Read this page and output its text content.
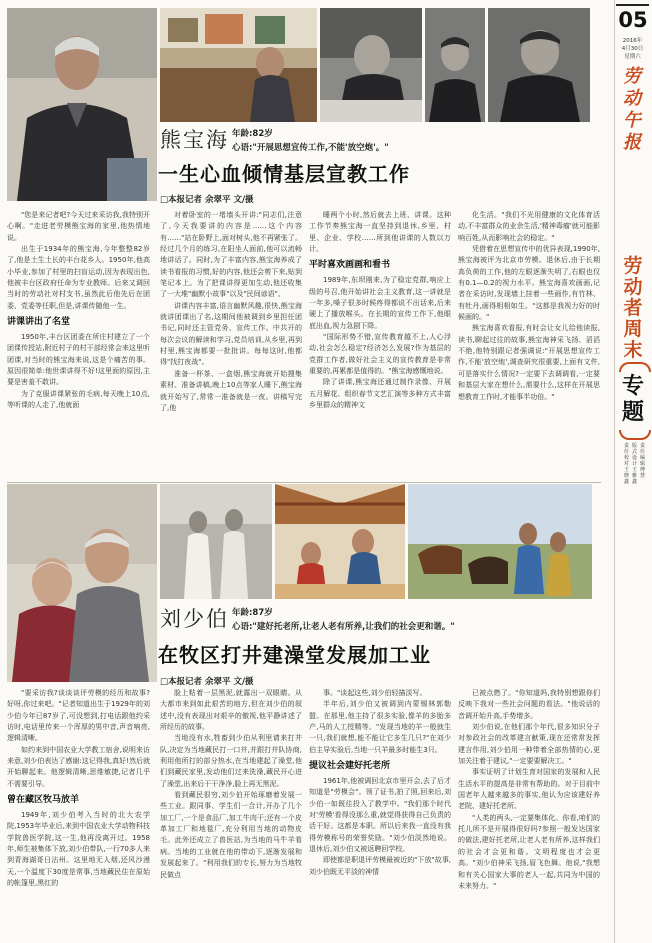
熊宝海 年龄:82岁
心语:"开展思想宣传工作,不能'放空炮'。"
一生心血倾情基层宣教工作
□本报记者 余翠平 文/摄

"您是来记者吧?今天过来采访我,我特别开心啊。"走进老劳模熊宝海的家里,他热情地说。

出生于1934年的熊宝海,今年整整82岁了,他是土生土长的丰台花乡人。1950年,他高小毕业,参加了村里的扫盲运动,因为表现出色,他被丰台区政府任命为专业教师。后来又调回当时的劳动社对村支书,虽然此后他先后在团委、党委等任职,但是,讲课传随他一生。

讲课讲出了名堂

1950年,丰台区团委在所庄村建立了一个团课传授站,附近村子的村干部经常会来这里听团课,对当时的熊宝海来说,这是个痛苦的事。原因很简单:他世课讲得不好!这里面的原因,主要是害羞不敢讲。

为了克服讲课紧张的毛病,每天晚上10点,等听课的人走了,他就面

对着卧室的一堵墙头开讲:"同志们,注意了,今天我要讲的内容是……这个内容有……"站在卧野上,面对树头,他不再紧张了。经过几个月的练习,在阳坐人面前,他可以流畅地讲话了。同时,为了丰富内容,熊宝海养成了读书看报的习惯,好的内容,他还会剪下来,贴到笔记本上。为了把课讲得更加生动,他还收集了一大堆"幽默小故事"以及"民间谚语"。

讲课内容丰富,语言幽默风趣,很快,熊宝海就讲团课出了名,这期间他被调到乡里担任团书记,同时还主管党务、宣传工作。中共开的每次会议的解读和学习,党员培训,从乡里,再到村里,熊宝海都要一批批讲。每每这时,他都得"找打夜战"。

准备一杯茶、一盒烟,熊宝海就开始搜集素材、准备讲稿,晚上10点等家人睡下,熊宝海就开始写了,常常一准备就是一夜。讲稿写完了,他

睡两个小时,然后就去上班、讲课。这种工作节奏熊宝海一直坚持到退休,乡里、村里、企业、学校……所到他讲课的人数以万计。

平时喜欢画画和看书

1989年,东坝刚来,为了稳定党群,响应上级的号召,他开始讲社会主义教育,这一讲就是一年多,嗓子很多时候疼得都说不出话来,后来硬上了播放喉头。在长期的宣传工作下,他眼底出血,视力急剧下降。

"国际形势不错,宣传教育越不上,人心浮动,社会怎么稳定?经济怎么发展?作为基层的党群工作者,做好社会主义的宣传教育是非常重要的,再累都是值得的。"熊宝海感慨地说。

除了讲课,熊宝海还通过制作录像、开展五月解花、组织春节文艺汇演等多种方式丰富乡里群众的精神文

化生活。"我们不光用健康的文化体育活动,不丰富群众的业余生活,'精神毒瘤'就可能影响百姓,从而影响社会的稳定。"

凭借着在思想宣传中的优异表现,1990年,熊宝海被评为北京市劳模。退休后,由于长期高负荷的工作,他的左眼逐渐失明了,右眼也仅有0.1—0.2的视力水平。熊宝海喜欢画画,记者在采访时,发现墙上挂着一些画作,有竹林、有牡丹,画得相相如生。"这都是我视力好的时候画的。"

熊宝海喜欢看报,有时会让女儿给他读报,读书,聊起过往的故事,熊宝海神采飞扬、滔滔不绝,他特别跟记者强调说:"开展思想宣传工作,不能'放空炮',调查研究很重要,上面有文件,可是落实什么情况?一定要下去调调看,一定要和基层大家在想什么,需要什么,这样在开展思想教育工作时,才能事半功倍。"

刘少伯 年龄:87岁
心语:"建好托老所,让老人老有所养,让我们的社会更和谐。"
在牧区打井建澡堂发展加工业
□本报记者 余翠平 文/摄

"要采访我?谈谈谈评劳模的经历和故事?好呀,你过来吧。"记者知道出生于1929年的刘少伯今年已87岁了,可没想到,打电话跟他约采访时,电话里传来一个浑厚的男中音,声音响亮,逻辑清晰。

如约来到中国农业大学教工宿舍,说明来访来意,刘少伯表达了感谢:这记得我,真好!然后就开始聊起来。他逻辑清晰,思维敏捷,记者几乎不需要引导。

曾在藏区牧马放羊

1949年,刘少伯考入当时的北大农学院,1953年毕业后,来到中国农业大学动物科技学院兽医学院,这一生,他再没离开过。1958年,师生被集体下放,刘少伯带队,一行70多人来到青海湖哥日沾州。这里地无人烟,还风沙漫天,一个温度下30度是常事,当地藏民住在原始的帐篷里,黑红的

脸上粘着一层黑泥,就露出一双眼睛。从大都市来到如此艰苦的地方,但在刘少伯的叙述中,没有表现出对艰辛的傲视,他平静讲述了所经历的故事。

当地没有水,牲畜到少伯从利里请来打井队,决定为当地藏民打一口井,并跟打井队协商,利用他所打的部分热水,在当地建起了澡堂,他们到藏民家里,发动他们过来洗澡,藏民开心进了澡堂,出来后干干净净,脸上再无黑泥。

看到藏民很穷,刘少伯开始琢磨着发展一些工业。跟同事、学生们一合计,开办了几个加工厂,一个是食品厂,加工牛肉干;还有一个皮革加工厂和地毯厂,充分利用当地的动物皮毛。此外还成立了兽医站,为当地的马牛羊看病。当地的工业就在他的带动下,逐渐发展和发展起来了。"利用我们的专长,努力为当地牧民做点

事。"谈起这些,刘少伯轻描淡写。

半年后,刘少伯又被调到内蒙锡林郭勒盟。在那里,他主持了很多实验,像羊的多胎多产,马的人工授精等。"发现当地的羊一般就生一只,我们就想,能不能让它多生几只?"在刘少伯主导实验后,当地一只羊最多时能生3只。

提议社会建好托老所

1961年,他被调回北京市里开会,去了后才知道是"劳模会"。领了证书,拍了照,回来后,刘少伯一如既往投入了教学中。"我们那个时代对'劳模'看得没那么重,就觉得获得自己负责的活干好。这都是本职。所以后来我一直没有我得劳模称号的荣誉奖励。"刘少伯淡然地说。退休后,刘少伯又被返聘回学校。

即使都是职退评劳模最被近的"下放"故事,刘少伯既无平淡的神情

已被点燃了。"你知道吗,我特别想跟你们反映下我对一些社会问题的看法。"他说话的音调开始升高,手势增多。

刘少伯说,在他们那个年代,很多知识分子对参政社会的改革建言献策,现在还常常发挥建言作用,刘少伯用一种带着全部热情的心,更加关注着于建议,"一定要要解决工。"

事实证明了计划生育对国家的发展和人民生活水平的提高是非常有帮助的。对于目前中国老年人越来越多的事实,他认为应该建好养老院、建好托老所。

"人类的两头,一定要集体化。你看,咱们的托儿所不是开展得很好吗?参照一般发达国家的做法,建好托老所,让老人老有所养,这样我们的社会才会更和谐。文明程度也才会更高。"刘少伯神采飞扬,眉飞色舞。他说,"我想和有关心国家大事的老人一起,共同为中国的未来努力。"

05
2016年
4月30日
星期六
劳动午报
劳动者周末
专题
责任编辑 傅慧
版式设计 王雅鑫
责任校对 王晓鑫
